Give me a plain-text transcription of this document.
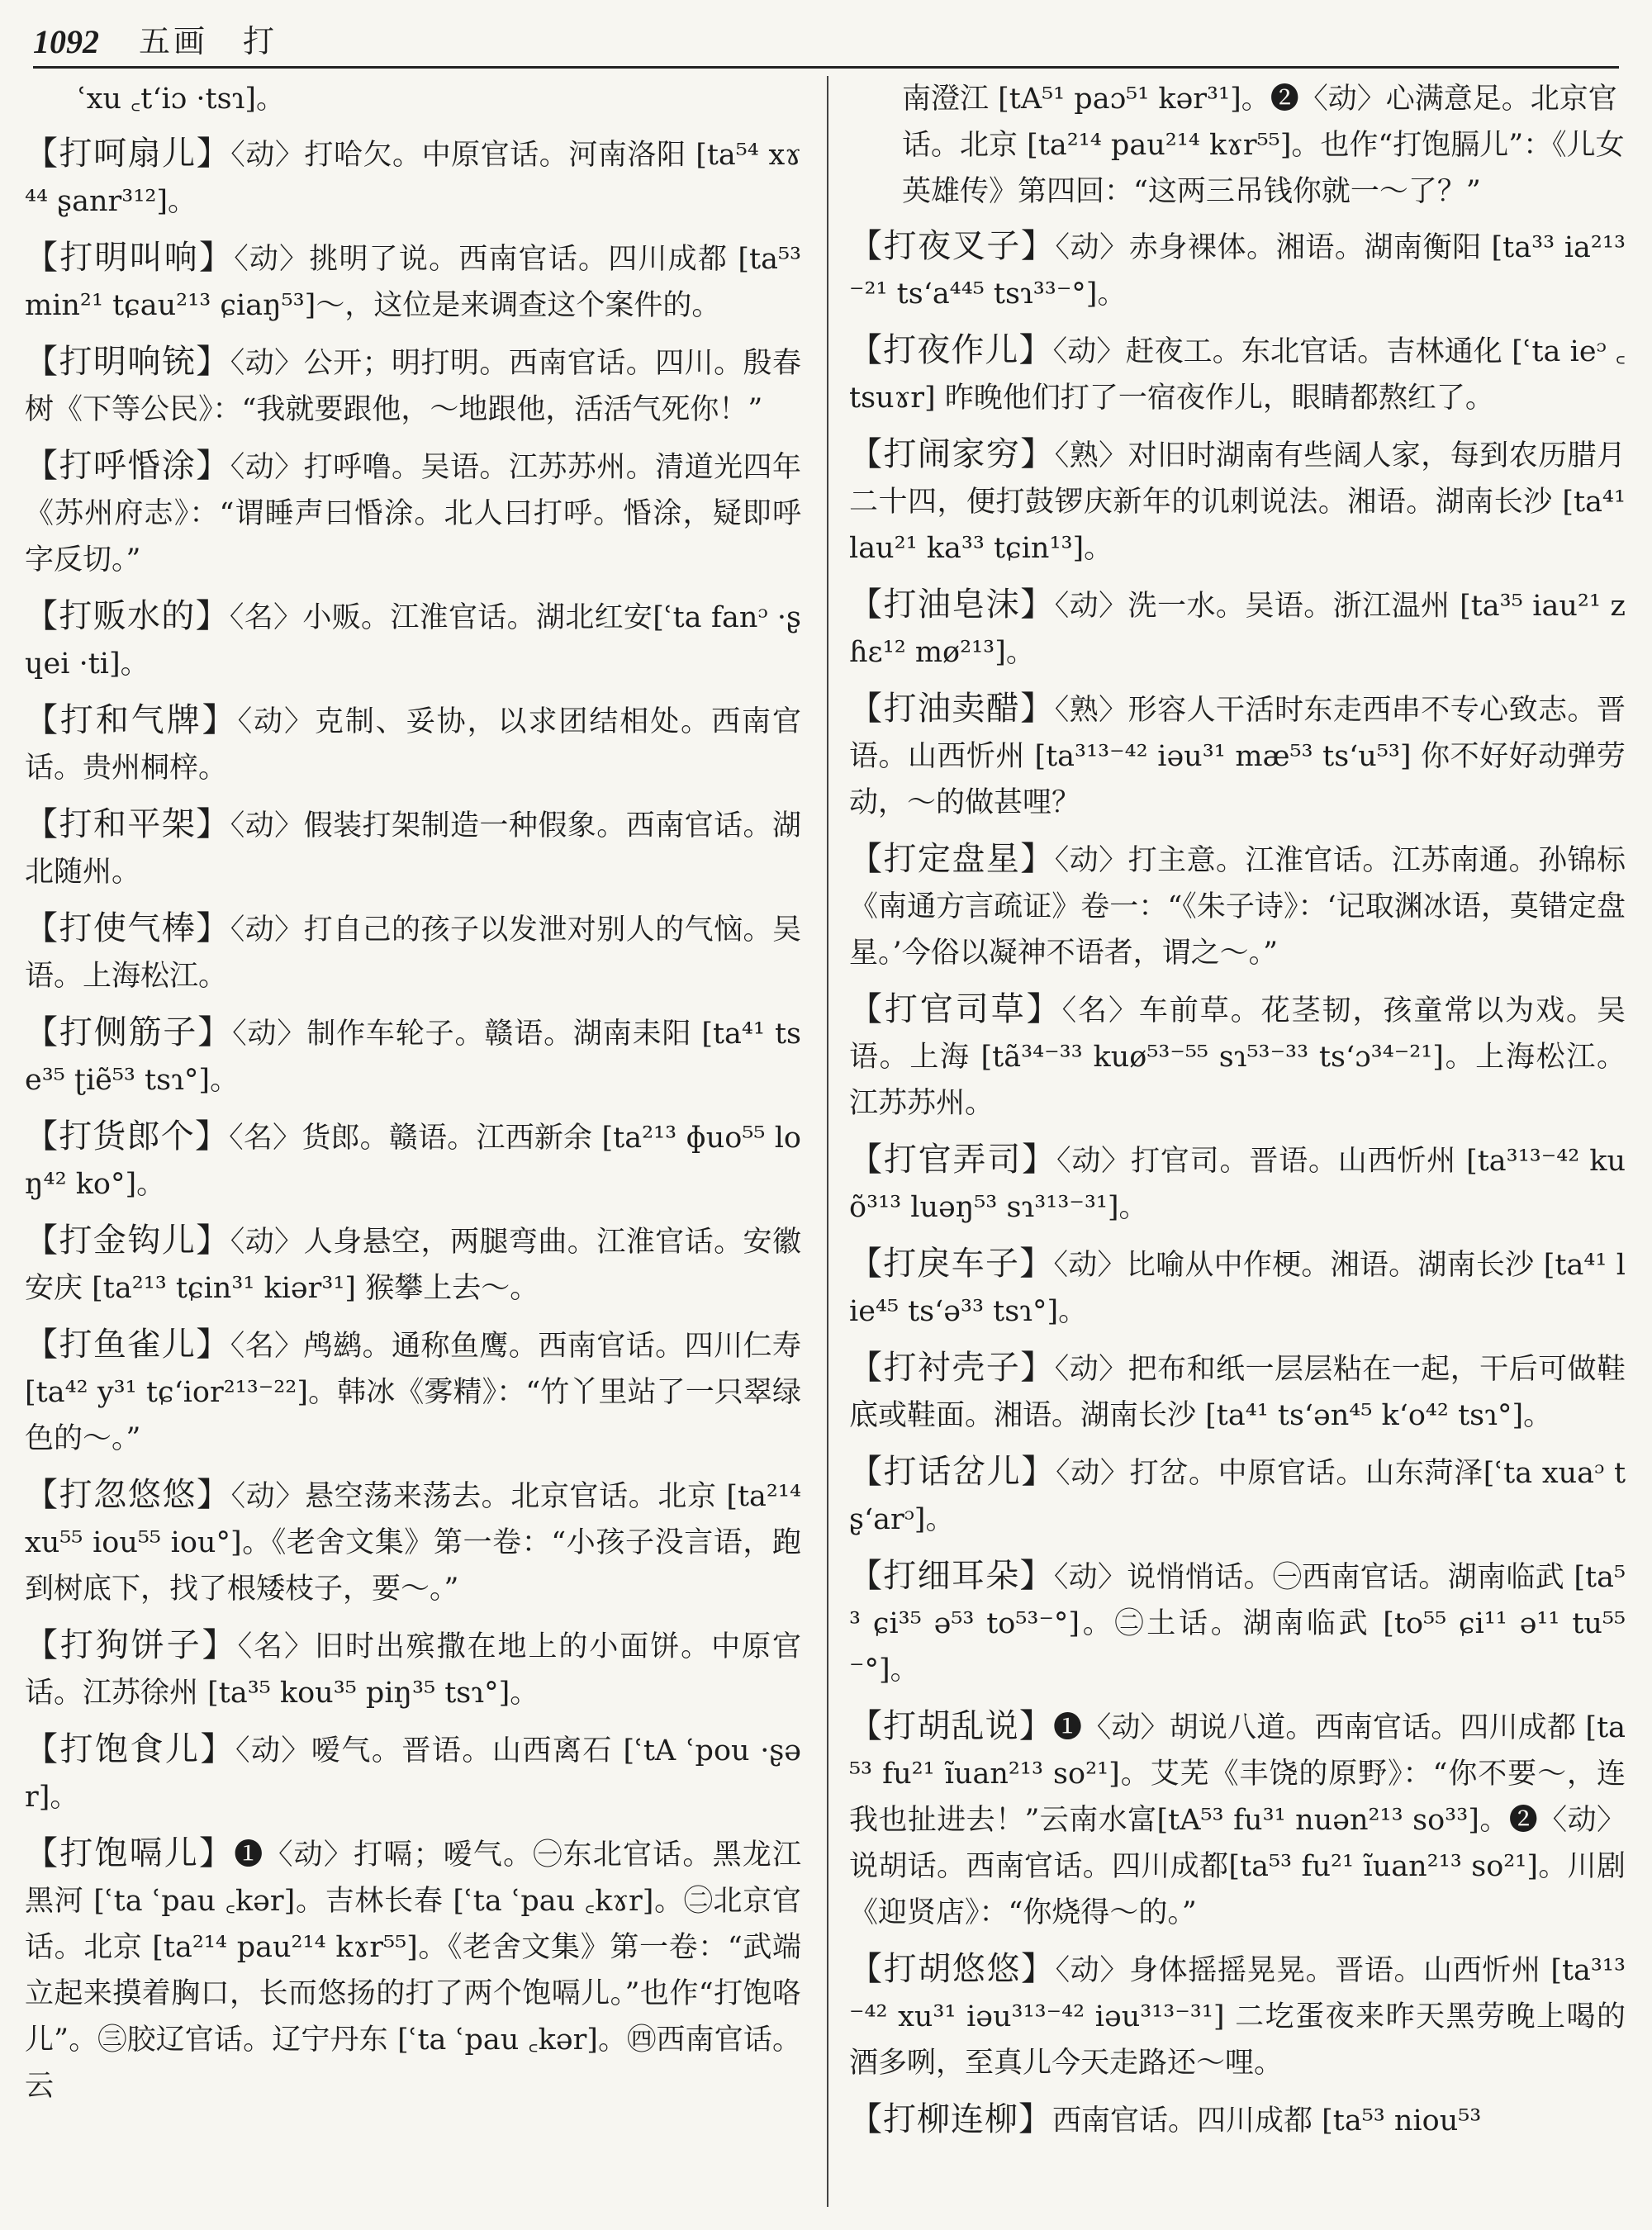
1092 五画　打
ʿxu ꜀t‘iɔ ·tsɿ]。
【打呵扇儿】〈动〉打哈欠。中原官话。河南洛阳 [ta⁵⁴ xɤ⁴⁴ ʂanr³¹²]。
【打明叫响】〈动〉挑明了说。西南官话。四川成都 [ta⁵³ min²¹ tɕau²¹³ ɕiaŋ⁵³]～，这位是来调查这个案件的。
【打明响铳】〈动〉公开；明打明。西南官话。四川。殷春树《下等公民》：“我就要跟他，～地跟他，活活气死你！”
【打呼惛涂】〈动〉打呼噜。吴语。江苏苏州。清道光四年《苏州府志》：“谓睡声曰惛涂。北人曰打呼。惛涂，疑即呼字反切。”
【打贩水的】〈名〉小贩。江淮官话。湖北红安[ʿta fanᵓ ·ʂɥei ·ti]。
【打和气牌】〈动〉克制、妥协，以求团结相处。西南官话。贵州桐梓。
【打和平架】〈动〉假装打架制造一种假象。西南官话。湖北随州。
【打使气棒】〈动〉打自己的孩子以发泄对别人的气恼。吴语。上海松江。
【打侧筋子】〈动〉制作车轮子。赣语。湖南耒阳 [ta⁴¹ tse³⁵ ʈiẽ⁵³ tsɿ°]。
【打货郎个】〈名〉货郎。赣语。江西新余 [ta²¹³ ɸuo⁵⁵ loŋ⁴² ko°]。
【打金钩儿】〈动〉人身悬空，两腿弯曲。江淮官话。安徽安庆 [ta²¹³ tɕin³¹ kiər³¹] 猴攀上去～。
【打鱼雀儿】〈名〉鸬鹚。通称鱼鹰。西南官话。四川仁寿 [ta⁴² y³¹ tɕ‘ior²¹³⁻²²]。韩冰《雾精》：“竹丫里站了一只翠绿色的～。”
【打忽悠悠】〈动〉悬空荡来荡去。北京官话。北京 [ta²¹⁴ xu⁵⁵ iou⁵⁵ iou°]。《老舍文集》第一卷：“小孩子没言语，跑到树底下，找了根矮枝子，要～。”
【打狗饼子】〈名〉旧时出殡撒在地上的小面饼。中原官话。江苏徐州 [ta³⁵ kou³⁵ piŋ³⁵ tsɿ°]。
【打饱食儿】〈动〉嗳气。晋语。山西离石 [ʿtA ʿpou ·ʂər]。
【打饱嗝儿】❶〈动〉打嗝；嗳气。㊀东北官话。黑龙江黑河 [ʿta ʿpau ꜀kər]。吉林长春 [ʿta ʿpau ꜀kɤr]。㊁北京官话。北京 [ta²¹⁴ pau²¹⁴ kɤr⁵⁵]。《老舍文集》第一卷：“武端立起来摸着胸口，长而悠扬的打了两个饱嗝儿。”也作“打饱咯儿”。㊂胶辽官话。辽宁丹东 [ʿta ʿpau ꜀kər]。㊃西南官话。云
南澄江 [tA⁵¹ paɔ⁵¹ kər³¹]。❷〈动〉心满意足。北京官话。北京 [ta²¹⁴ pau²¹⁴ kɤr⁵⁵]。也作“打饱膈儿”：《儿女英雄传》第四回：“这两三吊钱你就一～了？”
【打夜叉子】〈动〉赤身裸体。湘语。湖南衡阳 [ta³³ ia²¹³⁻²¹ ts‘a⁴⁴⁵ tsɿ³³⁻°]。
【打夜作儿】〈动〉赶夜工。东北官话。吉林通化 [ʿta ieᵓ ꜀tsuɤr] 昨晚他们打了一宿夜作儿，眼睛都熬红了。
【打闹家穷】〈熟〉对旧时湖南有些阔人家，每到农历腊月二十四，便打鼓锣庆新年的讥刺说法。湘语。湖南长沙 [ta⁴¹ lau²¹ ka³³ tɕin¹³]。
【打油皂沫】〈动〉洗一水。吴语。浙江温州 [ta³⁵ iau²¹ zɦɛ¹² mø²¹³]。
【打油卖醋】〈熟〉形容人干活时东走西串不专心致志。晋语。山西忻州 [ta³¹³⁻⁴² iəu³¹ mæ⁵³ ts‘u⁵³] 你不好好动弹劳动，～的做甚哩？
【打定盘星】〈动〉打主意。江淮官话。江苏南通。孙锦标《南通方言疏证》卷一：“《朱子诗》：‘记取渊冰语，莫错定盘星。’今俗以凝神不语者，谓之～。”
【打官司草】〈名〉车前草。花茎韧，孩童常以为戏。吴语。上海 [tã³⁴⁻³³ kuø⁵³⁻⁵⁵ sɿ⁵³⁻³³ ts‘ɔ³⁴⁻²¹]。上海松江。江苏苏州。
【打官弄司】〈动〉打官司。晋语。山西忻州 [ta³¹³⁻⁴² kuõ³¹³ luəŋ⁵³ sɿ³¹³⁻³¹]。
【打戾车子】〈动〉比喻从中作梗。湘语。湖南长沙 [ta⁴¹ lie⁴⁵ ts‘ə³³ tsɿ°]。
【打衬壳子】〈动〉把布和纸一层层粘在一起，干后可做鞋底或鞋面。湘语。湖南长沙 [ta⁴¹ ts‘ən⁴⁵ k‘o⁴² tsɿ°]。
【打话岔儿】〈动〉打岔。中原官话。山东菏泽[ʿta xuaᵓ tʂ‘arᵓ]。
【打细耳朵】〈动〉说悄悄话。㊀西南官话。湖南临武 [ta⁵³ ɕi³⁵ ə⁵³ to⁵³⁻°]。㊁土话。湖南临武 [to⁵⁵ ɕi¹¹ ə¹¹ tu⁵⁵⁻°]。
【打胡乱说】❶〈动〉胡说八道。西南官话。四川成都 [ta⁵³ fu²¹ ĩuan²¹³ so²¹]。艾芜《丰饶的原野》：“你不要～，连我也扯进去！”云南水富[tA⁵³ fu³¹ nuən²¹³ so³³]。❷〈动〉说胡话。西南官话。四川成都[ta⁵³ fu²¹ ĩuan²¹³ so²¹]。川剧《迎贤店》：“你烧得～的。”
【打胡悠悠】〈动〉身体摇摇晃晃。晋语。山西忻州 [ta³¹³⁻⁴² xu³¹ iəu³¹³⁻⁴² iəu³¹³⁻³¹] 二圪蛋夜来昨天黑劳晚上喝的酒多咧，至真儿今天走路还～哩。
【打柳连柳】西南官话。四川成都 [ta⁵³ niou⁵³
